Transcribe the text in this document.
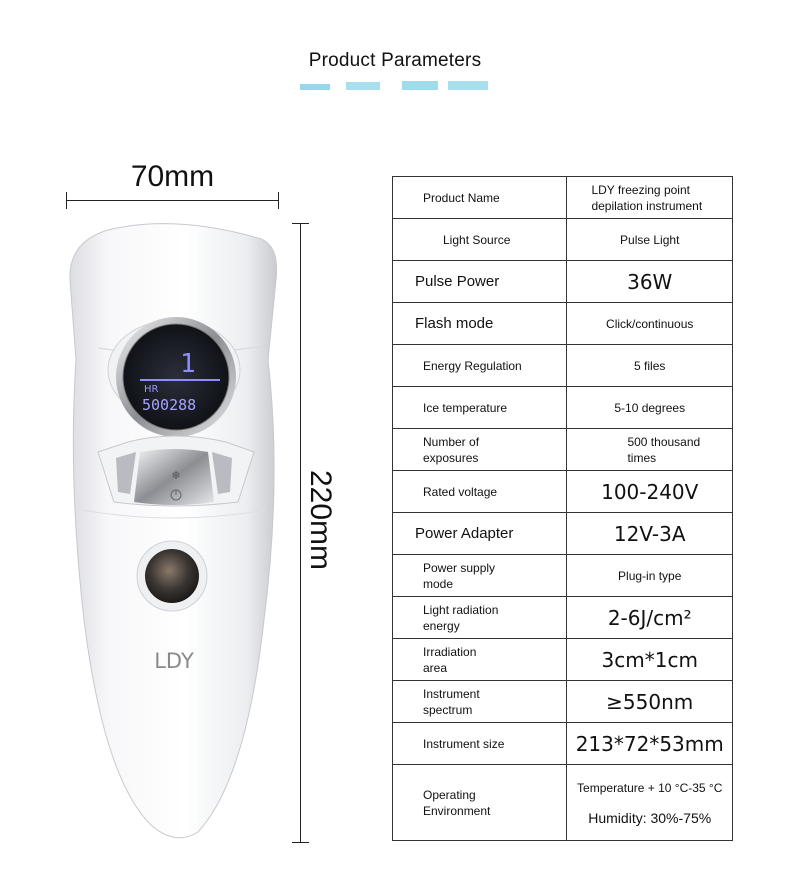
Product Parameters
70mm
220mm
1
HR
500288
❄
LDY
Product Name	LDY freezing point depilation instrument
Light Source	Pulse Light
Pulse Power	36W
Flash mode	Click/continuous
Energy Regulation	5 files
Ice temperature	5-10 degrees
Number of exposures	500 thousand times
Rated voltage	100-240V
Power Adapter	12V-3A
Power supply mode	Plug-in type
Light radiation energy	2-6J/cm²
Irradiation area	3cm*1cm
Instrument spectrum	≥550nm
Instrument size	213*72*53mm
Operating Environment	Temperature + 10 °C-35 °C
Humidity: 30%-75%
